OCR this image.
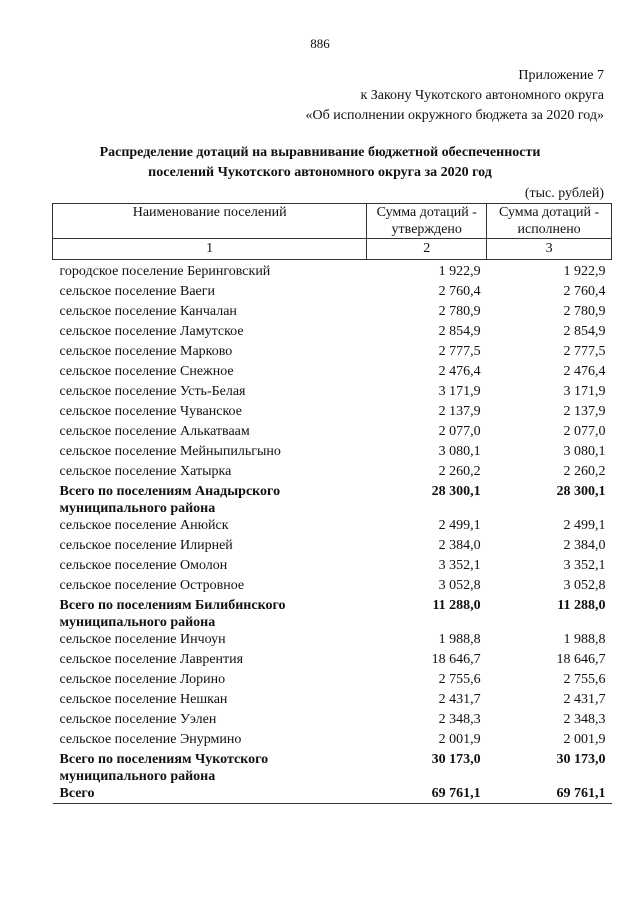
886
Приложение 7
к Закону Чукотского автономного округа
«Об исполнении окружного бюджета за 2020 год»
Распределение дотаций на выравнивание бюджетной обеспеченности
поселений Чукотского автономного округа за 2020 год
(тыс. рублей)
Наименование поселений	Сумма дотаций - утверждено	Сумма дотаций - исполнено
1	2	3
городское поселение Беринговский	1 922,9	1 922,9
сельское поселение Ваеги	2 760,4	2 760,4
сельское поселение Канчалан	2 780,9	2 780,9
сельское поселение Ламутское	2 854,9	2 854,9
сельское поселение Марково	2 777,5	2 777,5
сельское поселение Снежное	2 476,4	2 476,4
сельское поселение Усть-Белая	3 171,9	3 171,9
сельское поселение Чуванское	2 137,9	2 137,9
сельское поселение Алькатваам	2 077,0	2 077,0
сельское поселение Мейныпильгыно	3 080,1	3 080,1
сельское поселение Хатырка	2 260,2	2 260,2
Всего по поселениям Анадырского муниципального района	28 300,1	28 300,1
сельское поселение Анюйск	2 499,1	2 499,1
сельское поселение Илирней	2 384,0	2 384,0
сельское поселение Омолон	3 352,1	3 352,1
сельское поселение Островное	3 052,8	3 052,8
Всего по поселениям Билибинского муниципального района	11 288,0	11 288,0
сельское поселение Инчоун	1 988,8	1 988,8
сельское поселение Лаврентия	18 646,7	18 646,7
сельское поселение Лорино	2 755,6	2 755,6
сельское поселение Нешкан	2 431,7	2 431,7
сельское поселение Уэлен	2 348,3	2 348,3
сельское поселение Энурмино	2 001,9	2 001,9
Всего по поселениям Чукотского муниципального района	30 173,0	30 173,0
Всего	69 761,1	69 761,1
